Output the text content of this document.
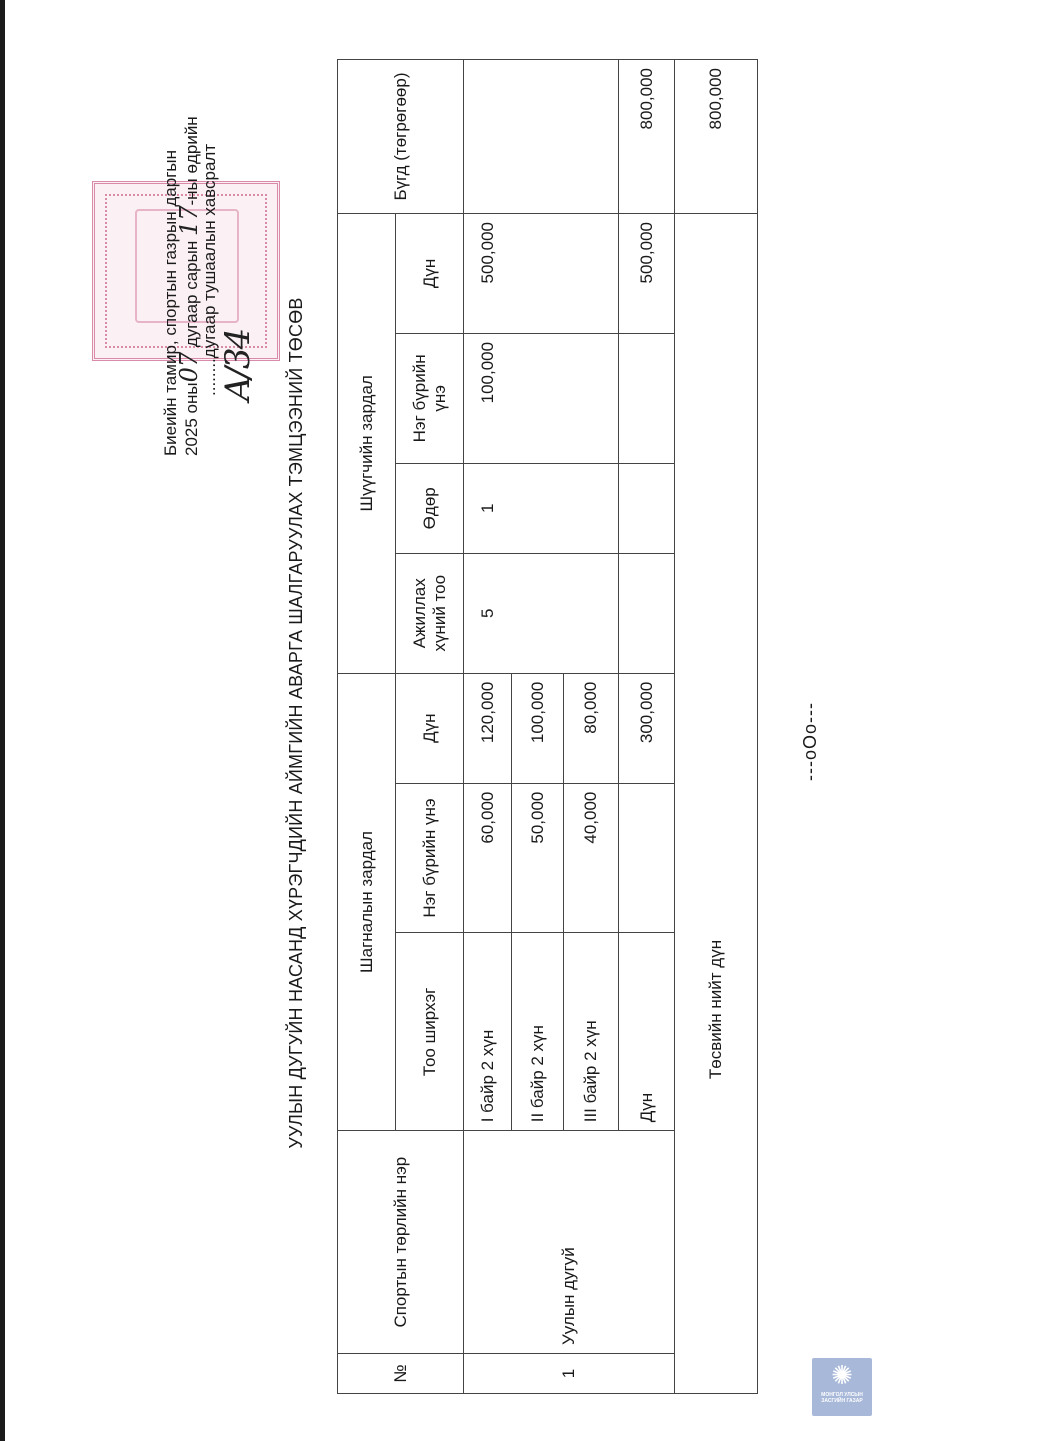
Биеийн тамир, спортын газрын даргын 2025 оны07 дугаар сарын 17-ны өдрийн ........дугаар тушаалын хавсралт A/34 УУЛЫН ДУГУЙН НАСАНД ХҮРЭГЧДИЙН АЙМГИЙН АВАРГА ШАЛГАРУУЛАХ ТЭМЦЭЭНИЙ ТӨСӨВ
№	Спортын төрлийн нэр	Шагналын зардал			Шүүгчийн зардал				Бүгд (төгрөгөөр)
		Тоо ширхэг	Нэг бүрийн үнэ	Дүн	Ажиллах хүний тоо	Өдөр	Нэг бүрийн үнэ	Дүн	
1	Уулын дугуй	I байр 2 хүн	60,000	120,000	5	1	100,000	500,000	
		II байр 2 хүн	50,000	100,000					
		III байр 2 хүн	40,000	80,000					
		Дүн		300,000				500,000	800,000
Төсвийн нийт дүн									800,000
---oOo---
✺
МОНГОЛ УЛСЫН ЗАСГИЙН ГАЗАР
